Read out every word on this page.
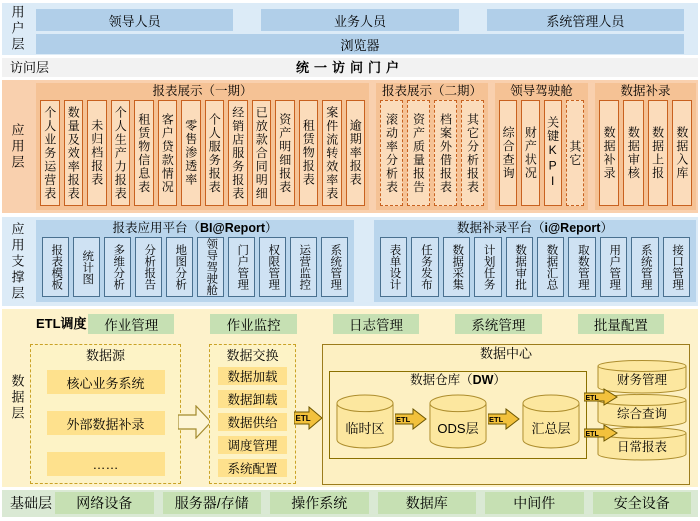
用户层	领导人员	业务人员	系统管理人员
浏览器
访问层	统一访问门户
应用层
报表展示（一期）
个人业务运营表 数量及效率报表 未归档报表 个人生产力报表 租赁物信息表 客户贷款情况 零售渗透率 个人服务报表 经销店服务报表 已放款合同明细 资产明细报表 租赁物报表 案件流转效率表 逾期率报表
报表展示（二期）
滚动率分析表 资产质量报告 档案外借报表 其它分析报表
领导驾驶舱
综合查询 财产状况 关键KPI 其它
数据补录
数据补录 数据审核 数据上报 数据入库
应用支撑层	报表应用平台（BI@Report）
报表模板 统计图 多维分析 分析报告 地图分析 领导驾驶舱 门户管理 权限管理 运营监控 系统管理
数据补录平台（i@Report）
表单设计 任务发布 数据采集 计划任务 数据审批 数据汇总 取数管理 用户管理 系统管理 接口管理
数据层
ETL调度 作业管理	作业监控	日志管理	系统管理	批量配置
数据源
核心业务系统
外部数据补录
……
数据交换
数据加载
数据卸载
数据供给
调度管理
系统配置
ETL
数据中心
数据仓库（DW）
临时区	ODS层	汇总层
ETL	ETL
财务管理
综合查询
日常报表
ETL
ETL
基础层 网络设备	服务器/存储	操作系统	数据库	中间件	安全设备
